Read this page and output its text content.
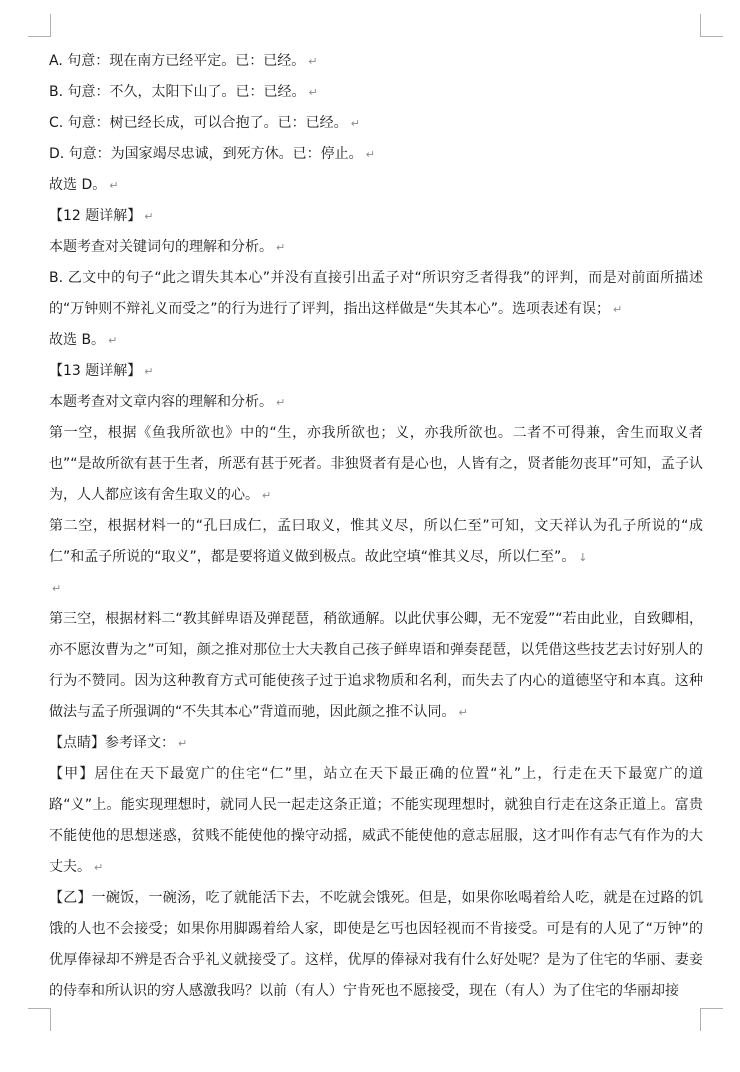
A. 句意：现在南方已经平定。已：已经。 ↵
B. 句意：不久，太阳下山了。已：已经。 ↵
C. 句意：树已经长成，可以合抱了。已：已经。 ↵
D. 句意：为国家竭尽忠诚，到死方休。已：停止。 ↵
故选 D。 ↵
【12 题详解】 ↵
本题考查对关键词句的理解和分析。 ↵
B. 乙文中的句子“此之谓失其本心”并没有直接引出孟子对“所识穷乏者得我”的评判，而是对前面所描述的“万钟则不辩礼义而受之”的行为进行了评判，指出这样做是“失其本心”。选项表述有误； ↵
故选 B。 ↵
【13 题详解】 ↵
本题考查对文章内容的理解和分析。 ↵
第一空，根据《鱼我所欲也》中的“生，亦我所欲也；义，亦我所欲也。二者不可得兼，舍生而取义者也”“是故所欲有甚于生者，所恶有甚于死者。非独贤者有是心也，人皆有之，贤者能勿丧耳”可知，孟子认为，人人都应该有舍生取义的心。 ↵
第二空，根据材料一的“孔曰成仁，孟曰取义，惟其义尽，所以仁至”可知，文天祥认为孔子所说的“成仁”和孟子所说的“取义”，都是要将道义做到极点。故此空填“惟其义尽，所以仁至”。 ↓
↵
第三空，根据材料二“教其鲜卑语及弹琵琶，稍欲通解。以此伏事公卿，无不宠爱”“若由此业，自致卿相，亦不愿汝曹为之”可知，颜之推对那位士大夫教自己孩子鲜卑语和弹奏琵琶，以凭借这些技艺去讨好别人的行为不赞同。因为这种教育方式可能使孩子过于追求物质和名利，而失去了内心的道德坚守和本真。这种做法与孟子所强调的“不失其本心”背道而驰，因此颜之推不认同。 ↵
【点睛】参考译文： ↵
【甲】居住在天下最宽广的住宅“仁”里，站立在天下最正确的位置“礼”上，行走在天下最宽广的道路“义”上。能实现理想时，就同人民一起走这条正道；不能实现理想时，就独自行走在这条正道上。富贵不能使他的思想迷惑，贫贱不能使他的操守动摇，威武不能使他的意志屈服，这才叫作有志气有作为的大丈夫。 ↵
【乙】一碗饭，一碗汤，吃了就能活下去，不吃就会饿死。但是，如果你吆喝着给人吃，就是在过路的饥饿的人也不会接受；如果你用脚踢着给人家，即使是乞丐也因轻视而不肯接受。可是有的人见了“万钟”的优厚俸禄却不辨是否合乎礼义就接受了。这样，优厚的俸禄对我有什么好处呢？是为了住宅的华丽、妻妾的侍奉和所认识的穷人感激我吗？以前（有人）宁肯死也不愿接受，现在（有人）为了住宅的华丽却接
